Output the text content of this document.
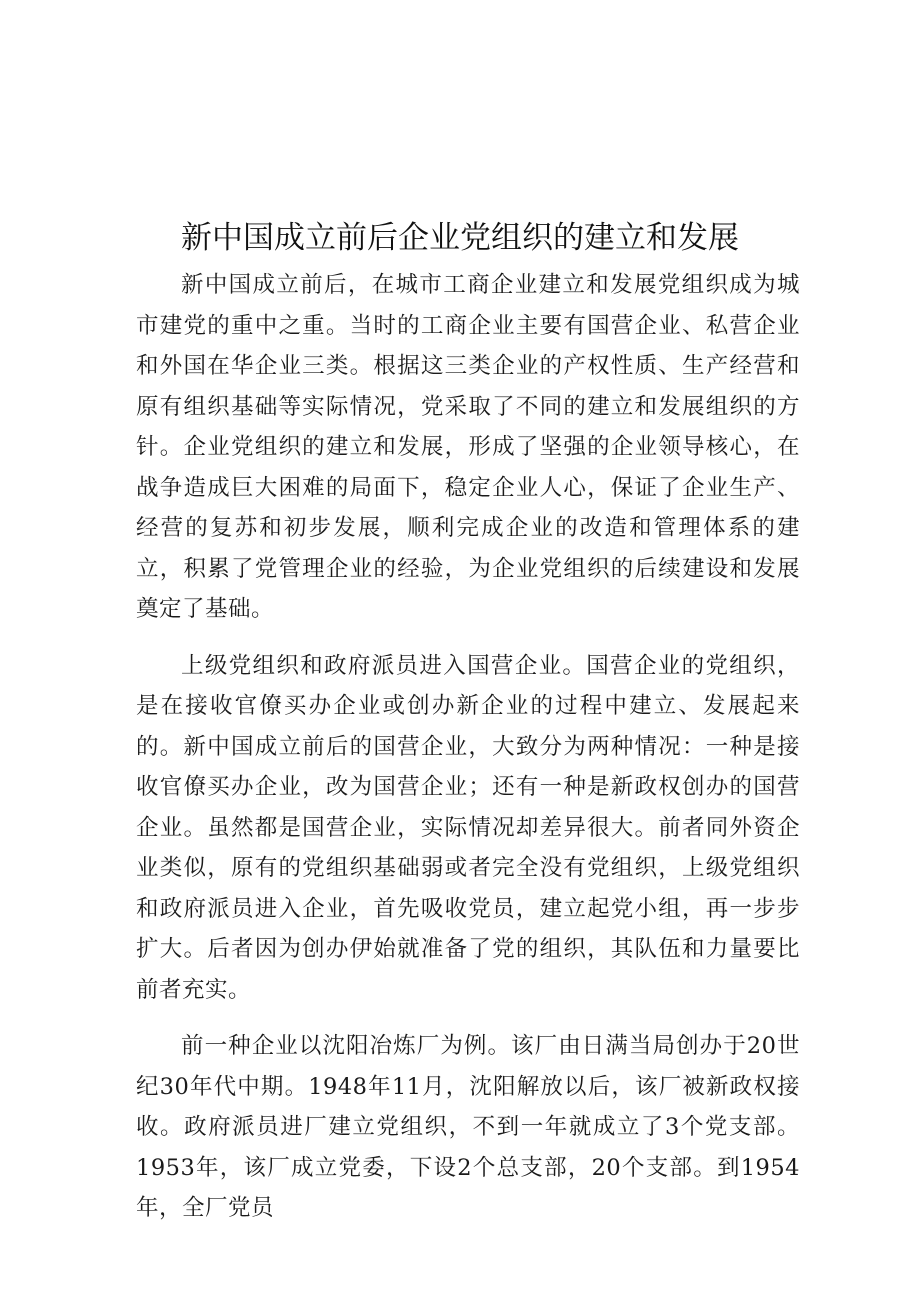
新中国成立前后企业党组织的建立和发展

新中国成立前后，在城市工商企业建立和发展党组织成为城市建党的重中之重。当时的工商企业主要有国营企业、私营企业和外国在华企业三类。根据这三类企业的产权性质、生产经营和原有组织基础等实际情况，党采取了不同的建立和发展组织的方针。企业党组织的建立和发展，形成了坚强的企业领导核心，在战争造成巨大困难的局面下，稳定企业人心，保证了企业生产、经营的复苏和初步发展，顺利完成企业的改造和管理体系的建立，积累了党管理企业的经验，为企业党组织的后续建设和发展奠定了基础。

上级党组织和政府派员进入国营企业。国营企业的党组织，是在接收官僚买办企业或创办新企业的过程中建立、发展起来的。新中国成立前后的国营企业，大致分为两种情况：一种是接收官僚买办企业，改为国营企业；还有一种是新政权创办的国营企业。虽然都是国营企业，实际情况却差异很大。前者同外资企业类似，原有的党组织基础弱或者完全没有党组织，上级党组织和政府派员进入企业，首先吸收党员，建立起党小组，再一步步扩大。后者因为创办伊始就准备了党的组织，其队伍和力量要比前者充实。

前一种企业以沈阳冶炼厂为例。该厂由日满当局创办于20世纪30年代中期。1948年11月，沈阳解放以后，该厂被新政权接收。政府派员进厂建立党组织，不到一年就成立了3个党支部。1953年，该厂成立党委，下设2个总支部，20个支部。到1954年，全厂党员
